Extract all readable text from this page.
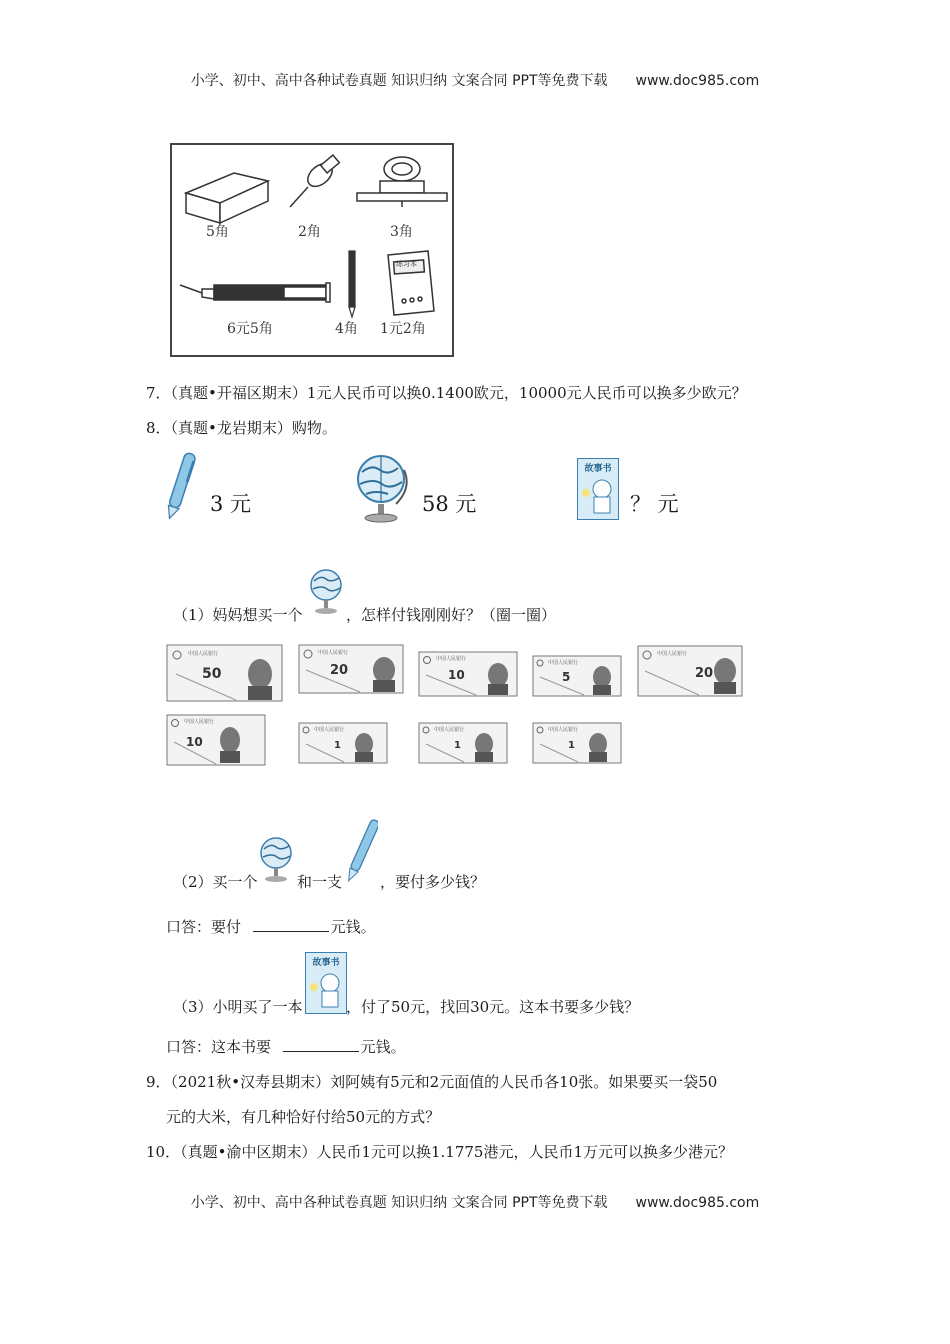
小学、初中、高中各种试卷真题 知识归纳 文案合同 PPT等免费下载 www.doc985.com
练习本
5角	2角	3角
6元5角	4角 1元2角
7．（真题•开福区期末）1元人民币可以换0.1400欧元，10000元人民币可以换多少欧元？
8．（真题•龙岩期末）购物。
3 元	58 元
故事书
？ 元
（1）妈妈想买一个	，怎样付钱刚刚好？（圈一圈）
中国人民银行
50
中国人民银行
20
中国人民银行
10
中国人民银行
5
中国人民银行
20
中国人民银行
10
中国人民银行
1
中国人民银行
1
中国人民银行
1
（2）买一个	和一支	，要付多少钱？
口答：要付	元钱。
（3）小明买了一本
故事书
，付了50元，找回30元。这本书要多少钱？
口答：这本书要	元钱。
9．（2021秋•汉寿县期末）刘阿姨有5元和2元面值的人民币各10张。如果要买一袋50
元的大米，有几种恰好付给50元的方式？
10．（真题•渝中区期末）人民币1元可以换1.1775港元，人民币1万元可以换多少港元？
小学、初中、高中各种试卷真题 知识归纳 文案合同 PPT等免费下载 www.doc985.com
